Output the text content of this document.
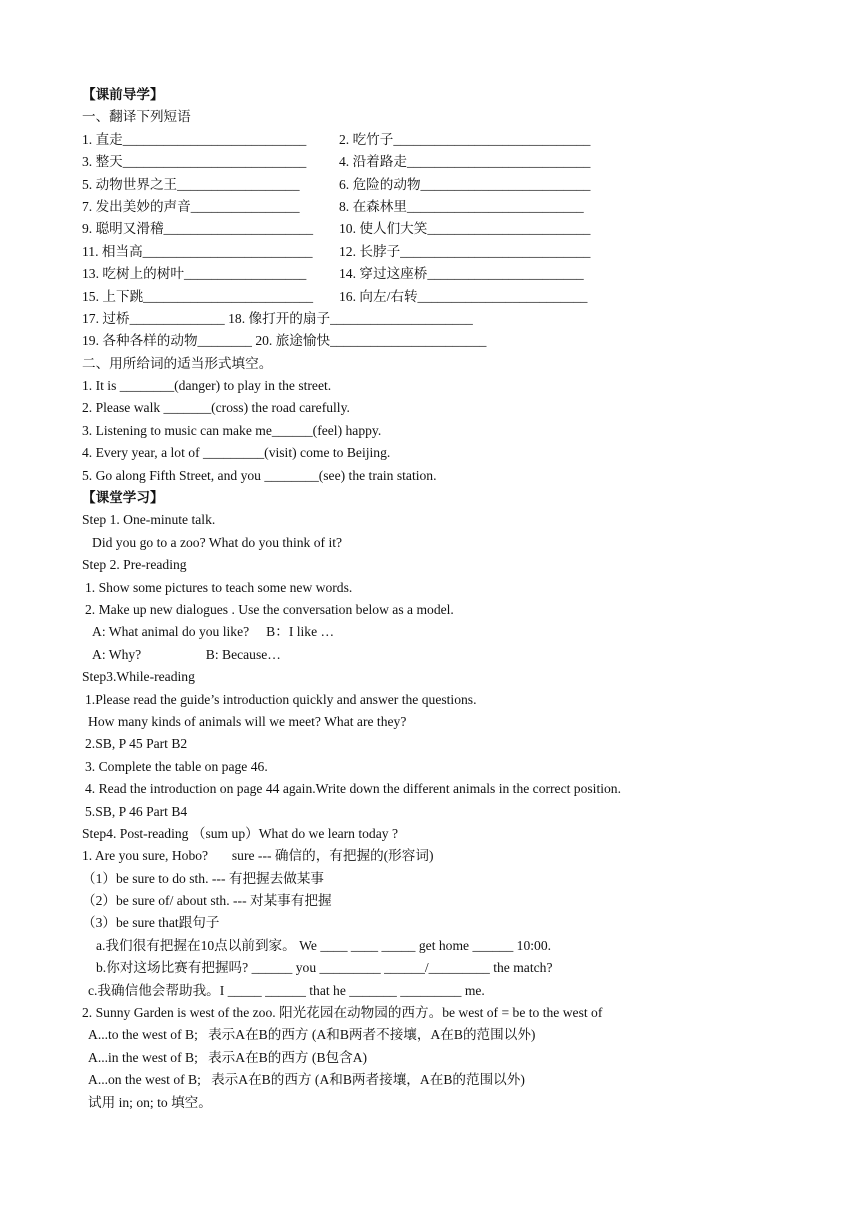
【课前导学】
一、翻译下列短语
1. 直走___________________________	2. 吃竹子_____________________________
3. 整天___________________________	4. 沿着路走___________________________
5. 动物世界之王__________________	6. 危险的动物_________________________
7. 发出美妙的声音________________	8. 在森林里__________________________
9. 聪明又滑稽______________________	10. 使人们大笑________________________
11. 相当高_________________________	12. 长脖子____________________________
13. 吃树上的树叶__________________	14. 穿过这座桥_______________________
15. 上下跳_________________________	16. 向左/右转_________________________
17. 过桥______________ 18. 像打开的扇子_____________________
19. 各种各样的动物________ 20. 旅途愉快_______________________
二、用所给词的适当形式填空。
1. It is ________(danger) to play in the street.
2. Please walk _______(cross) the road carefully.
3. Listening to music can make me______(feel) happy.
4. Every year, a lot of _________(visit) come to Beijing.
5. Go along Fifth Street, and you ________(see) the train station.
【课堂学习】
Step 1. One-minute talk.
Did you go to a zoo? What do you think of it?
Step 2. Pre-reading
1. Show some pictures to teach some new words.
2. Make up new dialogues . Use the conversation below as a model.
A: What animal do you like?     B：I like …
A: Why?                   B: Because…
Step3.While-reading
1.Please read the guide’s introduction quickly and answer the questions.
How many kinds of animals will we meet? What are they?
2.SB, P 45 Part B2
3. Complete the table on page 46.
4. Read the introduction on page 44 again.Write down the different animals in the correct position.
5.SB, P 46 Part B4
Step4. Post-reading （sum up）What do we learn today ?
1. Are you sure, Hobo?       sure --- 确信的，有把握的(形容词)
（1）be sure to do sth. --- 有把握去做某事
（2）be sure of/ about sth. --- 对某事有把握
（3）be sure that跟句子
a.我们很有把握在10点以前到家。 We ____ ____ _____ get home ______ 10:00.
b.你对这场比赛有把握吗? ______ you _________ ______/_________ the match?
c.我确信他会帮助我。I _____ ______ that he _______ _________ me.
2. Sunny Garden is west of the zoo. 阳光花园在动物园的西方。be west of = be to the west of
A...to the west of B;   表示A在B的西方 (A和B两者不接壤，A在B的范围以外)
A...in the west of B;   表示A在B的西方 (B包含A)
A...on the west of B;   表示A在B的西方 (A和B两者接壤，A在B的范围以外)
试用 in; on; to 填空。
